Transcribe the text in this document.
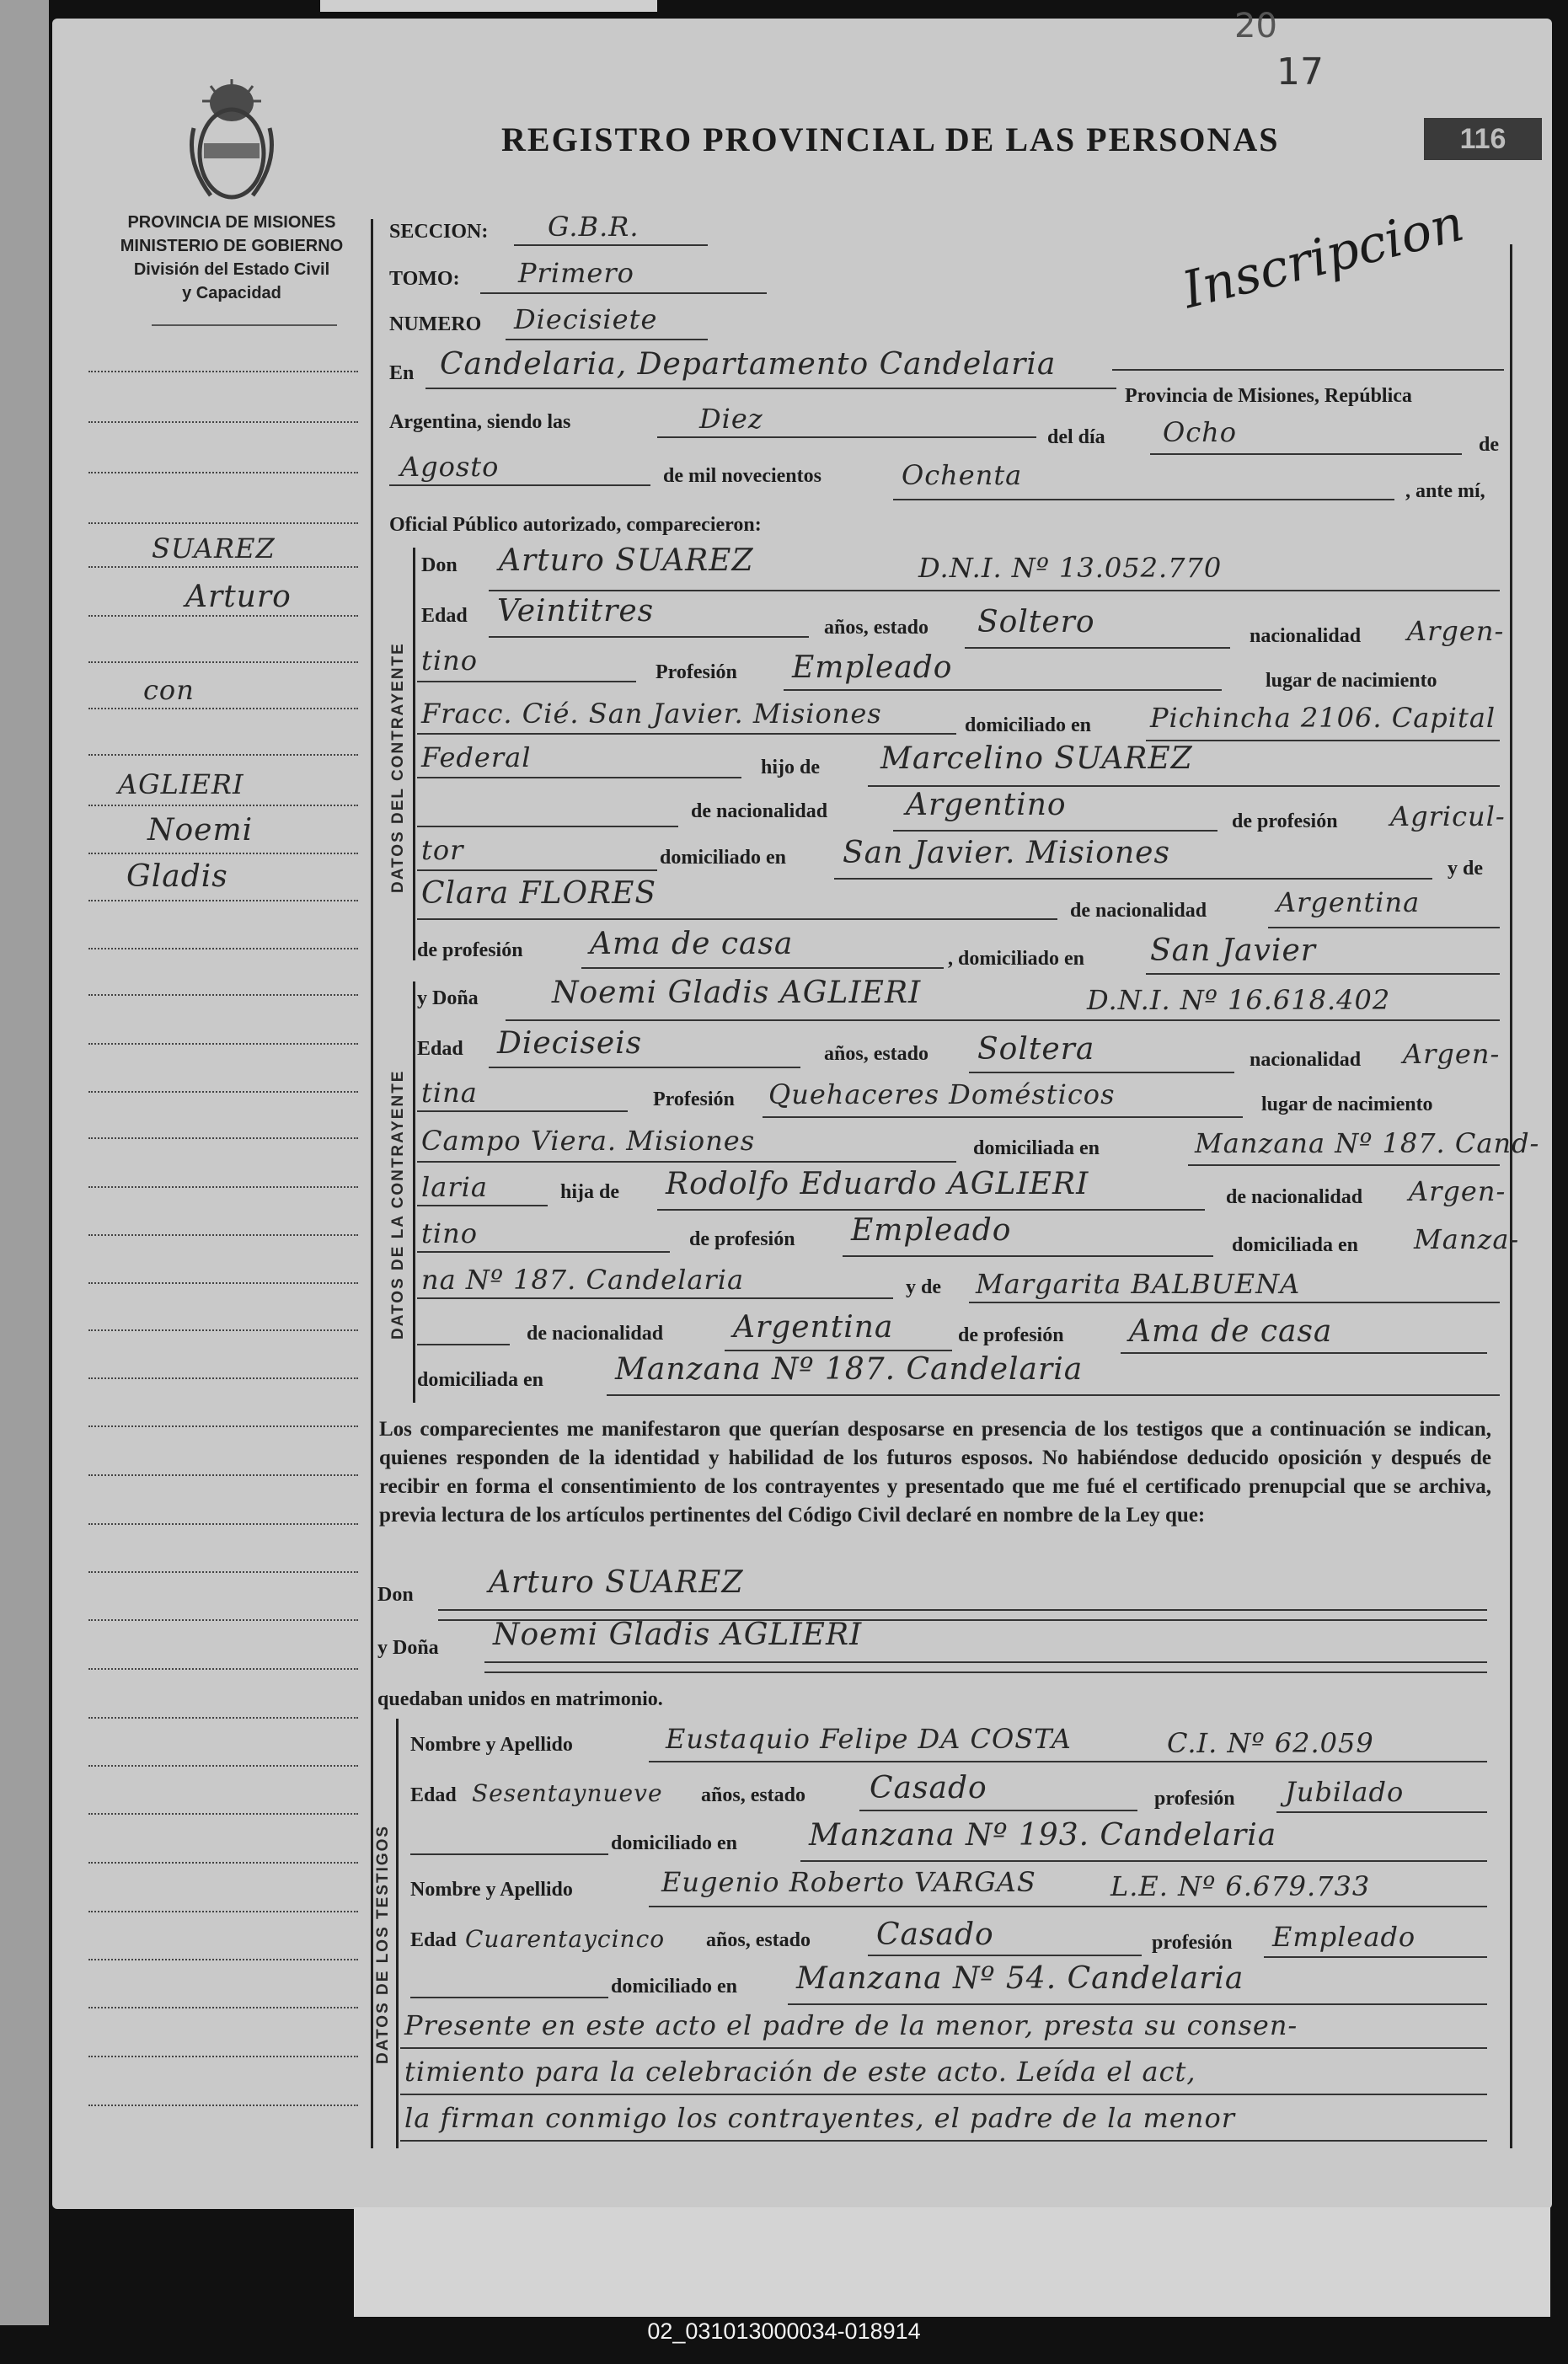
20
17
116
PROVINCIA DE MISIONES
MINISTERIO DE GOBIERNO
División del Estado Civil
y Capacidad
REGISTRO PROVINCIAL DE LAS PERSONAS
Inscripcion
SUAREZ
Arturo
con
AGLIERI
Noemi
Gladis	DATOS DEL CONTRAYENTE
DATOS DE LA CONTRAYENTE
DATOS DE LOS TESTIGOS
SECCION: G.B.R.
TOMO: Primero
NUMERO Diecisiete
En Candelaria, Departamento Candelaria
Provincia de Misiones, República
Argentina, siendo las	Diez
del día Ocho	de
Agosto	de mil novecientos	Ochenta	, ante mí,
Oficial Público autorizado, comparecieron:
Don Arturo SUAREZ	D.N.I. Nº 13.052.770
Edad Veintitres	años, estado Soltero	nacionalidad Argen-
tino	Profesión Empleado	lugar de nacimiento
Fracc. Cié. San Javier. Misiones	domiciliado en Pichincha 2106. Capital
Federal	hijo de Marcelino SUAREZ
de nacionalidad	Argentino	de profesión Agricul-
tor	domiciliado en San Javier. Misiones	y de
Clara FLORES	de nacionalidad	Argentina
de profesión Ama de casa	, domiciliado en San Javier
y Doña Noemi Gladis AGLIERI	D.N.I. Nº 16.618.402
Edad Dieciseis	años, estado Soltera	nacionalidad Argen-
tina	Profesión Quehaceres Domésticos	lugar de nacimiento
Campo Viera. Misiones	domiciliada en	Manzana Nº 187. Cand-
laria	hija de Rodolfo Eduardo AGLIERI	de nacionalidad Argen-
tino	de profesión Empleado	domiciliada en Manza-
na Nº 187. Candelaria	y de Margarita BALBUENA
de nacionalidad Argentina	de profesión Ama de casa
domiciliada en Manzana Nº 187. Candelaria
Los comparecientes me manifestaron que querían desposarse en presencia de los testigos que a continuación se indican, quienes responden de la identidad y habilidad de los futuros esposos. No habiéndose deducido oposición y después de recibir en forma el consentimiento de los contrayentes y presentado que me fué el certificado prenupcial que se archiva, previa lectura de los artículos pertinentes del Código Civil declaré en nombre de la Ley que:
Don Arturo SUAREZ
y Doña Noemi Gladis AGLIERI
quedaban unidos en matrimonio.
Nombre y Apellido	Eustaquio Felipe DA COSTA	C.I. Nº 62.059
Edad Sesentaynueve años, estado Casado	profesión Jubilado
domiciliado en Manzana Nº 193. Candelaria
Nombre y Apellido	Eugenio Roberto VARGAS	L.E. Nº 6.679.733
Edad Cuarentaycinco años, estado Casado	profesión Empleado
domiciliado en Manzana Nº 54. Candelaria
Presente en este acto el padre de la menor, presta su consen-
timiento para la celebración de este acto. Leída el act,
la firman conmigo los contrayentes, el padre de la menor
02_031013000034-018914
